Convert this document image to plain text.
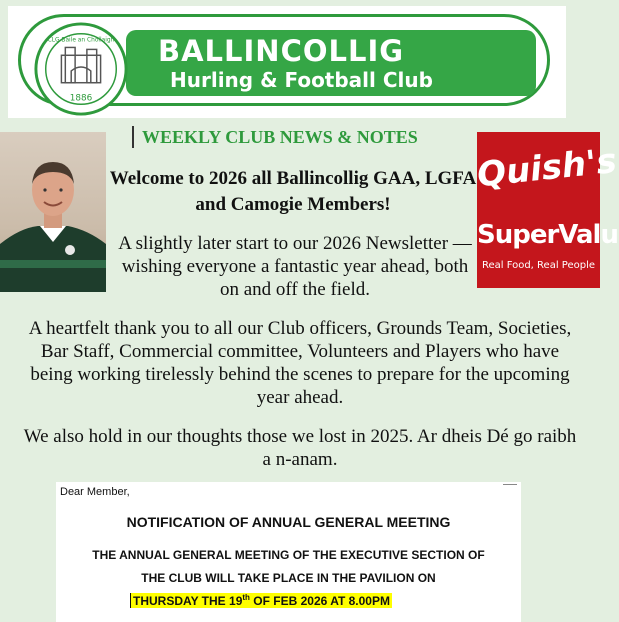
1886
CLG Baile an Chollaigh BALLINCOLLIG
Hurling & Football Club
Quish's
SuperValu
Real Food, Real People
WEEKLY CLUB NEWS & NOTES
Welcome to 2026 all Ballincollig GAA, LGFA and Camogie Members!
A slightly later start to our 2026 Newsletter — wishing everyone a fantastic year ahead, both on and off the field.
A heartfelt thank you to all our Club officers, Grounds Team, Societies, Bar Staff, Commercial committee, Volunteers and Players who have being working tirelessly behind the scenes to prepare for the upcoming year ahead.
We also hold in our thoughts those we lost in 2025. Ar dheis Dé go raibh a n-anam.
Dear Member,
NOTIFICATION OF ANNUAL GENERAL MEETING
THE ANNUAL GENERAL MEETING OF THE EXECUTIVE SECTION OF
THE CLUB WILL TAKE PLACE IN THE PAVILION ON
THURSDAY THE 19th OF FEB 2026 AT 8.00PM
